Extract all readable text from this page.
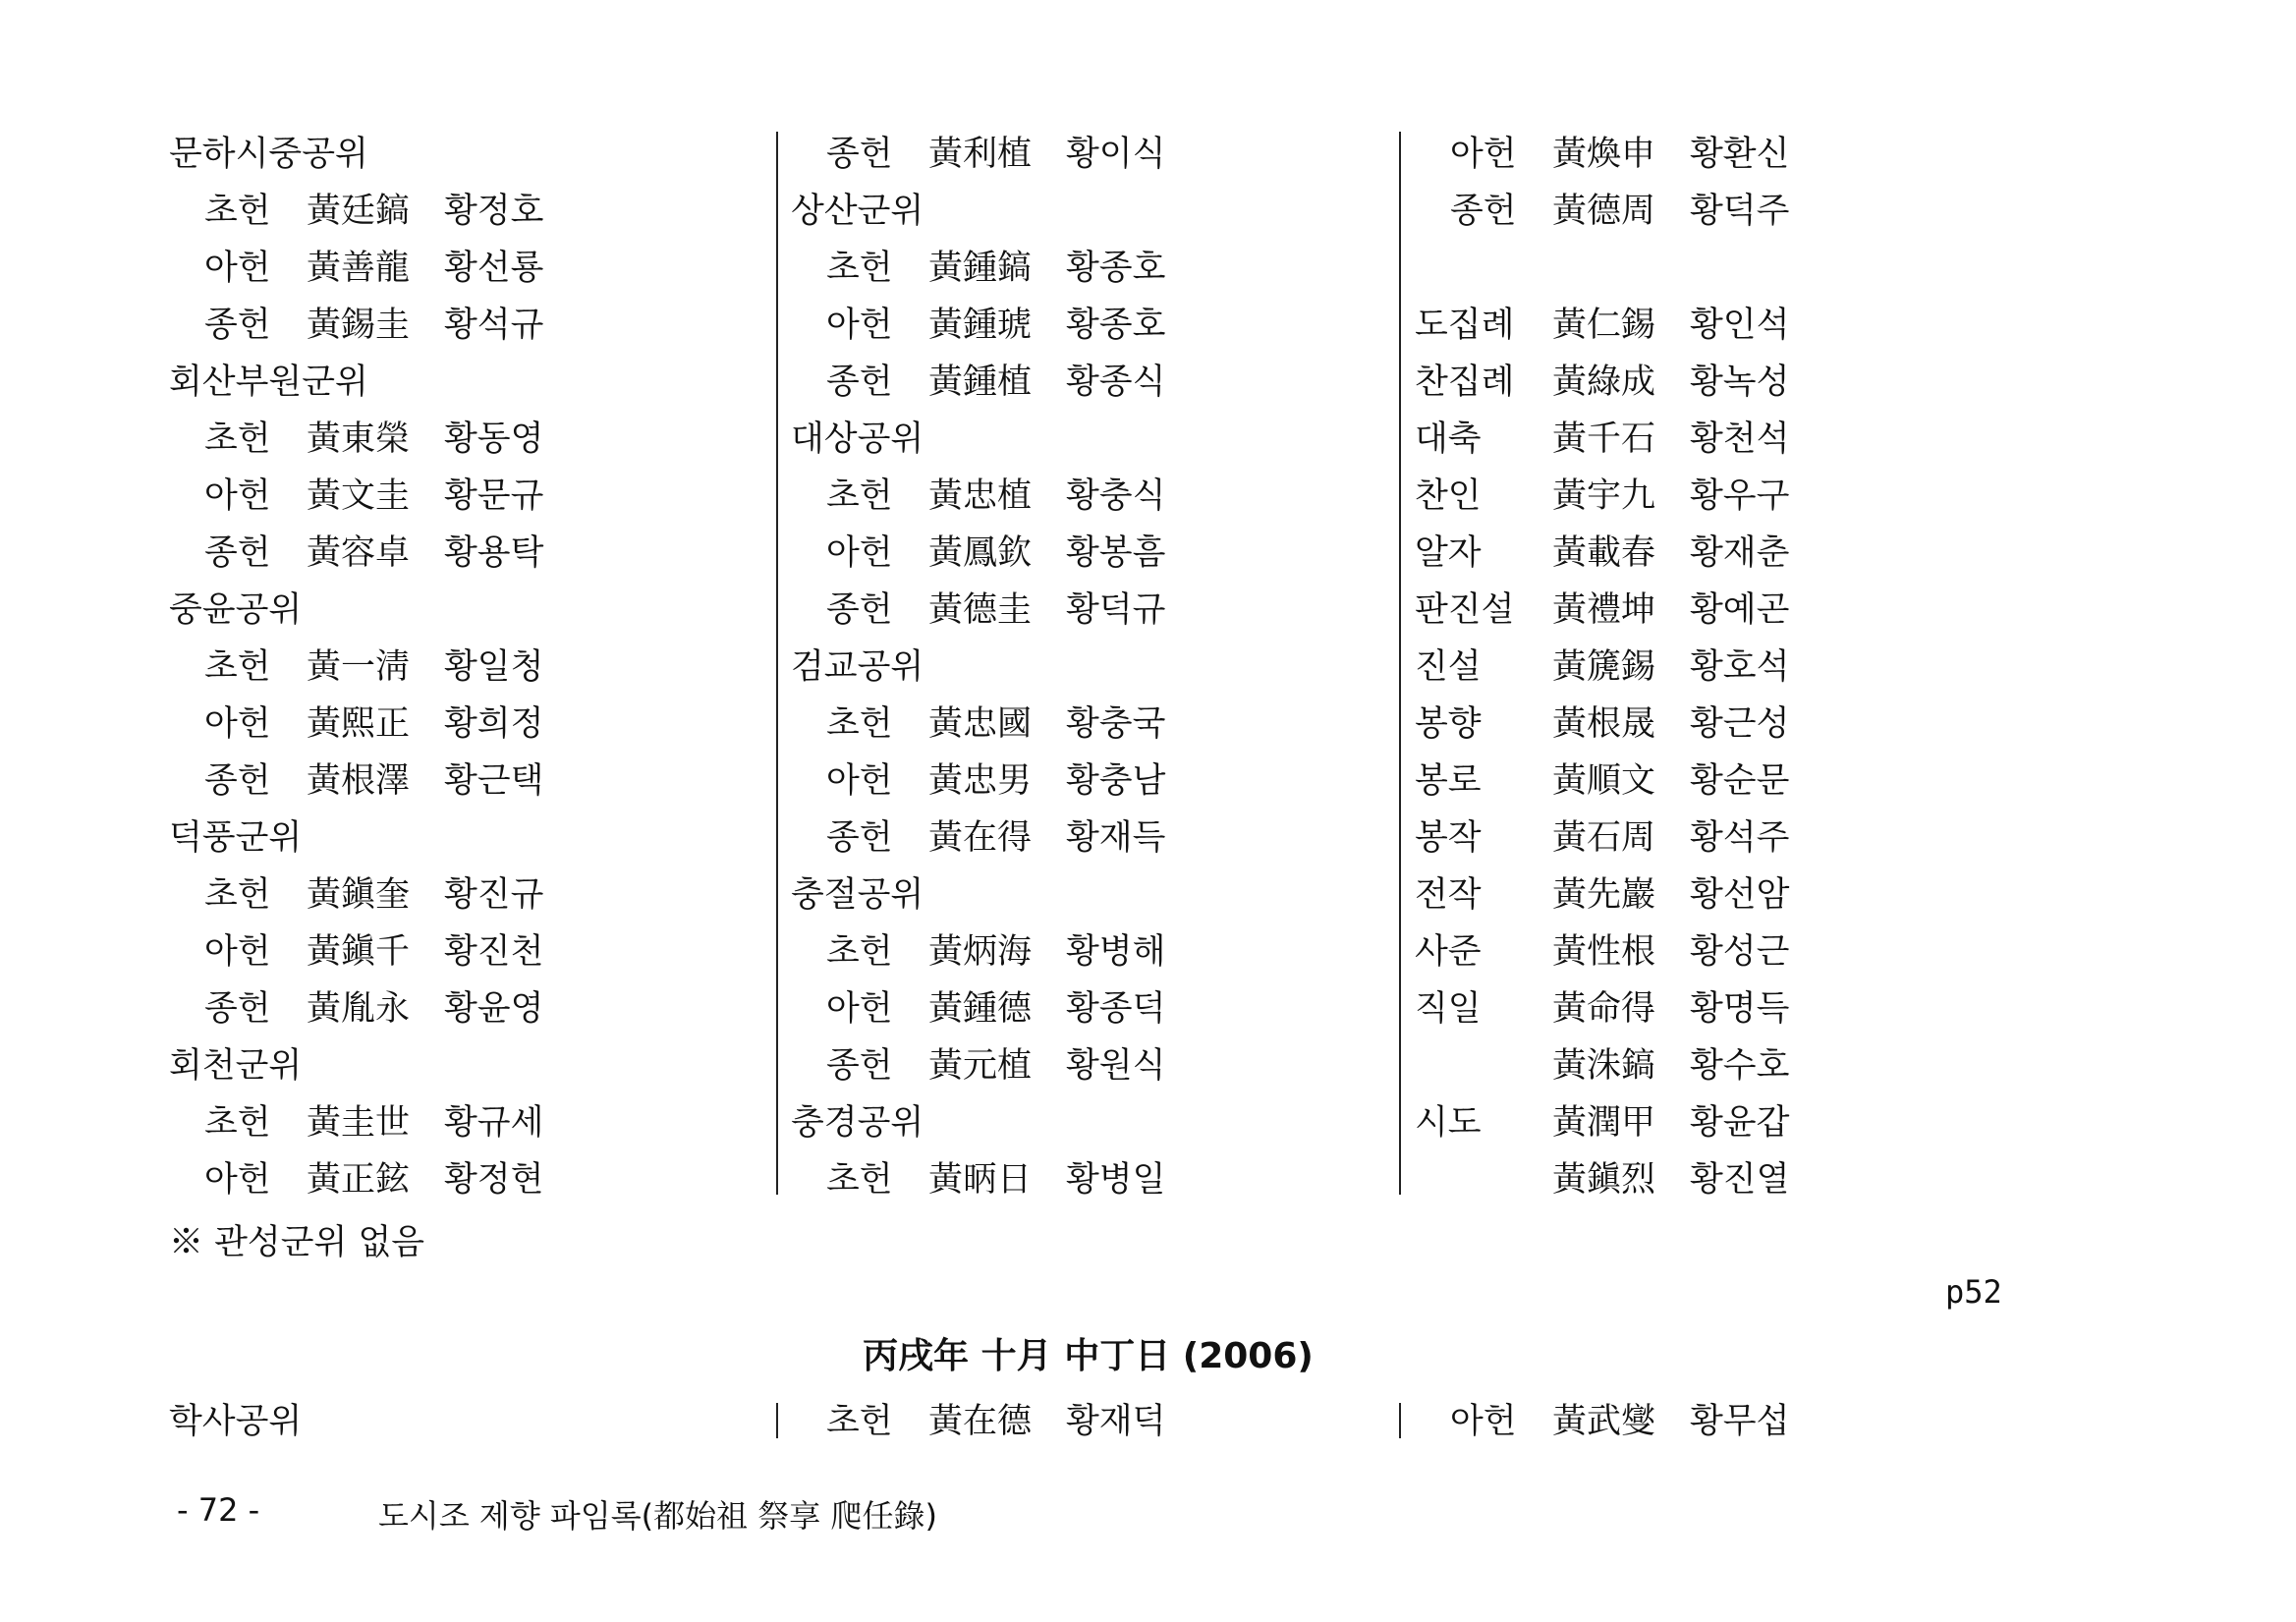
문하시중공위
초헌 黃廷鎬 황정호
아헌 黃善龍 황선룡
종헌 黃錫圭 황석규
회산부원군위
초헌 黃東榮 황동영
아헌 黃文圭 황문규
종헌 黃容卓 황용탁
중윤공위
초헌 黃一淸 황일청
아헌 黃熙正 황희정
종헌 黃根澤 황근택
덕풍군위
초헌 黃鎭奎 황진규
아헌 黃鎭千 황진천
종헌 黃胤永 황윤영
회천군위
초헌 黃圭世 황규세
아헌 黃正鉉 황정현
종헌 黃利植 황이식
상산군위
초헌 黃鍾鎬 황종호
아헌 黃鍾琥 황종호
종헌 黃鍾植 황종식
대상공위
초헌 黃忠植 황충식
아헌 黃鳳欽 황봉흠
종헌 黃德圭 황덕규
검교공위
초헌 黃忠國 황충국
아헌 黃忠男 황충남
종헌 黃在得 황재득
충절공위
초헌 黃炳海 황병해
아헌 黃鍾德 황종덕
종헌 黃元植 황원식
충경공위
초헌 黃昞日 황병일
아헌 黃煥申 황환신
종헌 黃德周 황덕주
도집례 黃仁錫 황인석
찬집례 黃綠成 황녹성
대축 黃千石 황천석
찬인 黃宇九 황우구
알자 黃載春 황재춘
판진설 黃禮坤 황예곤
진설 黃篪錫 황호석
봉향 黃根晟 황근성
봉로 黃順文 황순문
봉작 黃石周 황석주
전작 黃先巖 황선암
사준 黃性根 황성근
직일 黃命得 황명득
黃洙鎬 황수호
시도 黃潤甲 황윤갑
黃鎭烈 황진열
※ 관성군위 없음
p52
丙戌年 十月 中丁日 (2006)
학사공위	초헌 黃在德 황재덕	아헌 黃武燮 황무섭
- 72 -	도시조 제향 파임록(都始祖 祭享 爬任錄)
